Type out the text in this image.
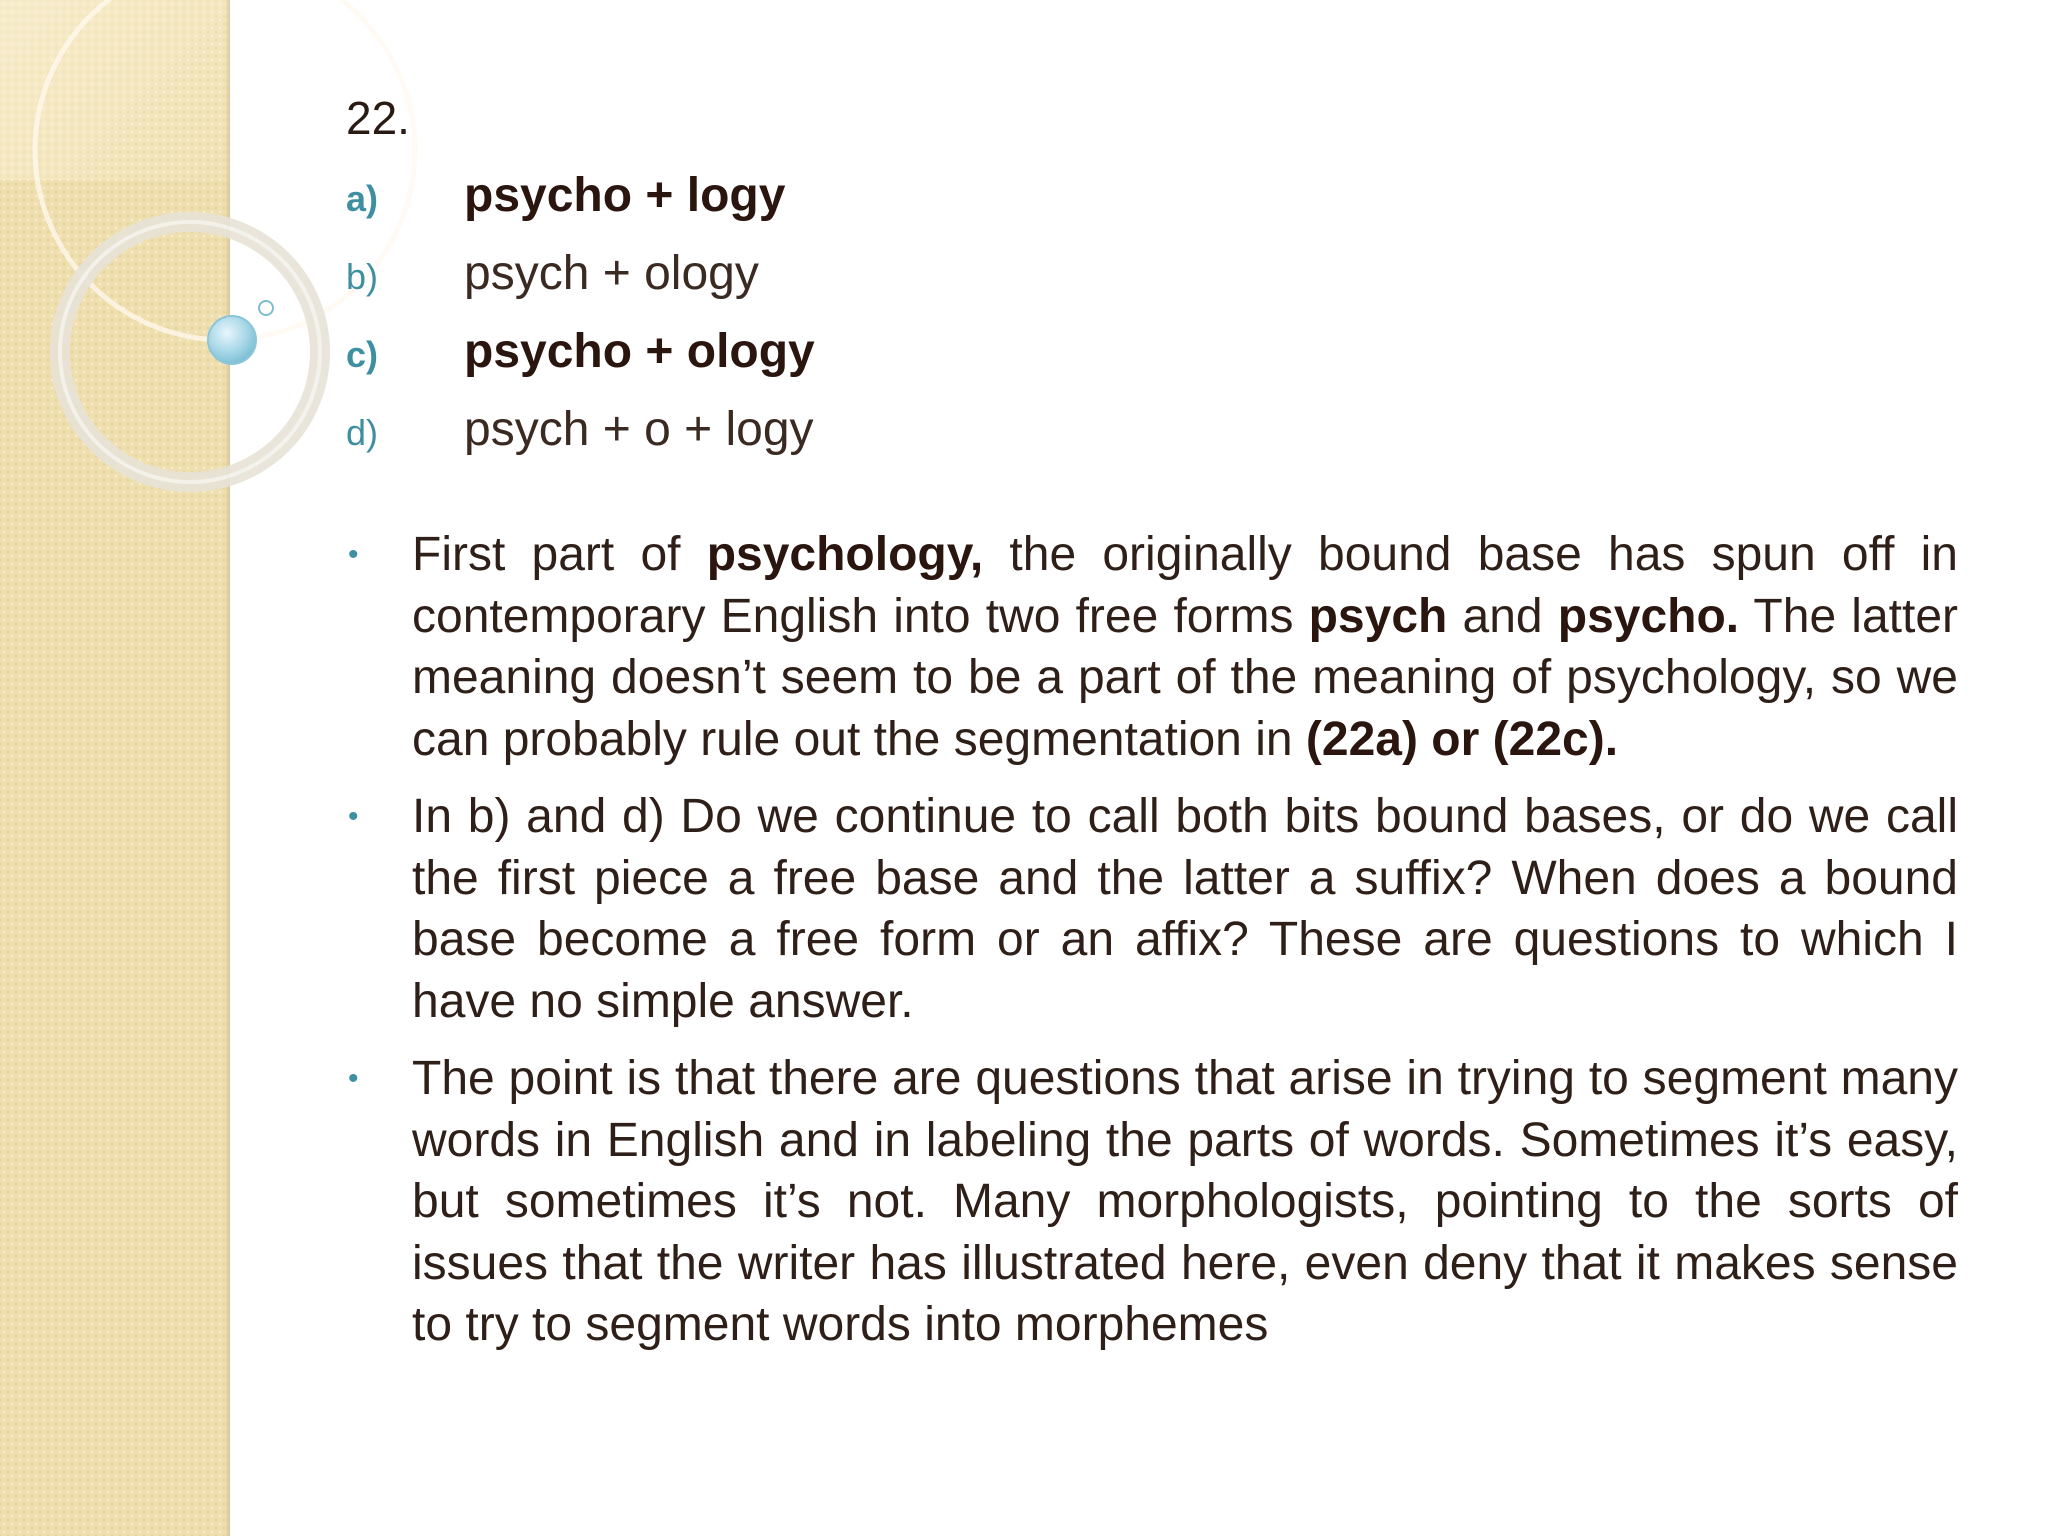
22.
a)	psycho + logy
b)	psych + ology
c)	psycho + ology
d)	psych + o + logy
• First part of psychology, the originally bound base has spun off in contemporary English into two free forms psych and psycho. The latter meaning doesn’t seem to be a part of the meaning of psychology, so we can probably rule out the segmentation in (22a) or (22c).
• In b) and d) Do we continue to call both bits bound bases, or do we call the first piece a free base and the latter a suffix? When does a bound base become a free form or an affix? These are questions to which I have no simple answer.
• The point is that there are questions that arise in trying to segment many words in English and in labeling the parts of words. Sometimes it’s easy, but sometimes it’s not. Many morphologists, pointing to the sorts of issues that the writer has illustrated here, even deny that it makes sense to try to segment words into morphemes
